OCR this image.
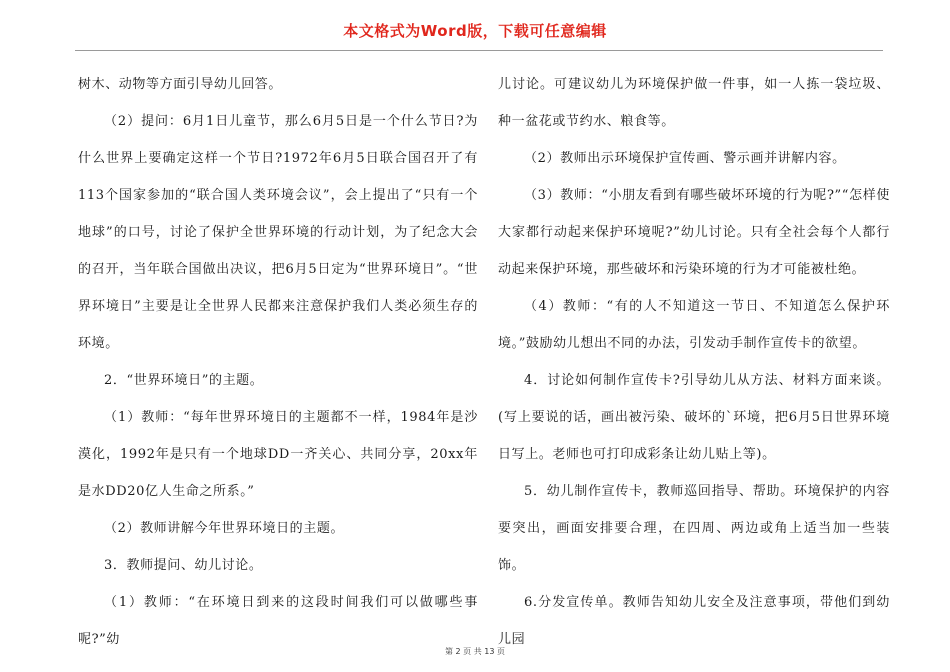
本文格式为Word版，下载可任意编辑

树木、动物等方面引导幼儿回答。

（2）提问：6月1日儿童节，那么6月5日是一个什么节日?为什么世界上要确定这样一个节日?1972年6月5日联合国召开了有113个国家参加的“联合国人类环境会议”，会上提出了“只有一个地球”的口号，讨论了保护全世界环境的行动计划，为了纪念大会的召开，当年联合国做出决议，把6月5日定为“世界环境日”。“世界环境日”主要是让全世界人民都来注意保护我们人类必须生存的环境。

2．“世界环境日”的主题。

（1）教师：“每年世界环境日的主题都不一样，1984年是沙漠化，1992年是只有一个地球DD一齐关心、共同分享，20xx年是水DD20亿人生命之所系。”

（2）教师讲解今年世界环境日的主题。

3．教师提问、幼儿讨论。

（1）教师：“在环境日到来的这段时间我们可以做哪些事呢?”幼

儿讨论。可建议幼儿为环境保护做一件事，如一人拣一袋垃圾、种一盆花或节约水、粮食等。

（2）教师出示环境保护宣传画、警示画并讲解内容。

（3）教师：“小朋友看到有哪些破坏环境的行为呢?”“怎样使大家都行动起来保护环境呢?”幼儿讨论。只有全社会每个人都行动起来保护环境，那些破坏和污染环境的行为才可能被杜绝。

（4）教师：“有的人不知道这一节日、不知道怎么保护环境。”鼓励幼儿想出不同的办法，引发动手制作宣传卡的欲望。

4．讨论如何制作宣传卡?引导幼儿从方法、材料方面来谈。(写上要说的话，画出被污染、破坏的`环境，把6月5日世界环境日写上。老师也可打印成彩条让幼儿贴上等)。

5．幼儿制作宣传卡，教师巡回指导、帮助。环境保护的内容要突出，画面安排要合理，在四周、两边或角上适当加一些装饰。

6.分发宣传单。教师告知幼儿安全及注意事项，带他们到幼儿园

第 2 页 共 13 页
